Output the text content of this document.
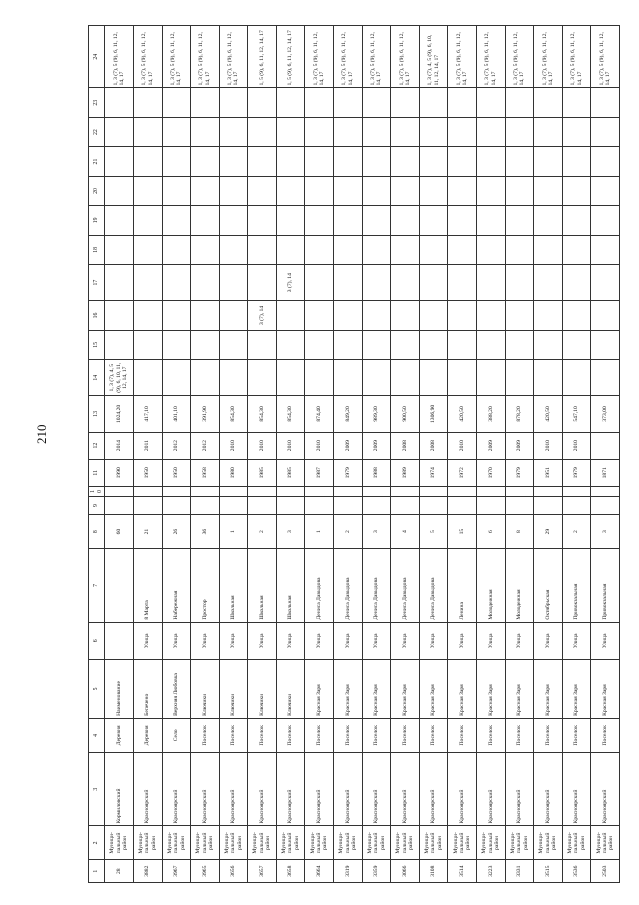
210
1	2	3	4	5	6	7	8	9	10	11	12	13	14	15	16	17	18	19	20	21	22	23	24
28	Муници-пальный район	Кормиловский	Деревня	Наименование			60			1990	2014	1024,20	1, 3 (7), 4, 5 (9), 6, 10, 11, 12, 14, 17										1, 3 (7), 5 (9), 6, 11, 12, 14, 17
3882	Муници-пальный район	Красноярский	Деревня	Бепечено	Улица	8 Марта	21			1950	2011	417,10											1, 3 (7), 5 (9), 6, 11, 12, 14, 17
3967	Муници-пальный район	Красноярский	Село	Верхняя Любовка	Улица	Набережная	26			1950	2012	401,10											1, 3 (7), 5 (9), 6, 11, 12, 14, 17
3965	Муници-пальный район	Красноярский	Поселок	Ключики	Улица	Простор	36			1958	2012	391,90											1, 3 (7), 5 (9), 6, 11, 12, 14, 17
3656	Муници-пальный район	Красноярский	Поселок	Ключики	Улица	Школьная	1			1980	2010	854,30											1, 3 (7), 5 (9), 6, 11, 12, 14, 17
3657	Муници-пальный район	Красноярский	Поселок	Ключики	Улица	Школьная	2			1985	2010	854,30			3 (7), 14								1, 5 (9), 6, 11, 12, 14, 17
3658	Муници-пальный район	Красноярский	Поселок	Ключики	Улица	Школьная	3			1985	2010	854,30				3 (7), 14							1, 5 (9), 6, 11, 12, 14, 17
3664	Муници-пальный район	Красноярский	Поселок	Красная Заря	Улица	Дениса Давыдова	1			1987	2010	874,40											1, 3 (7), 5 (9), 6, 11, 12, 14, 17
3319	Муници-пальный район	Красноярский	Поселок	Красная Заря	Улица	Дениса Давыдова	2			1979	2009	849,20											1, 3 (7), 5 (9), 6, 11, 12, 14, 17
3359	Муници-пальный район	Красноярский	Поселок	Красная Заря	Улица	Дениса Давыдова	3			1988	2009	989,30											1, 3 (7), 5 (9), 6, 11, 12, 14, 17
3066	Муници-пальный район	Красноярский	Поселок	Красная Заря	Улица	Дениса Давыдова	4			1989	2008	900,50											1, 3 (7), 5 (9), 6, 11, 12, 14, 17
3108	Муници-пальный район	Красноярский	Поселок	Красная Заря	Улица	Дениса Давыдова	5			1974	2008	1306,90											1, 3 (7), 4, 5 (9), 6, 10, 11, 12, 14, 17
3514	Муници-пальный район	Красноярский	Поселок	Красная Заря	Улица	Ленина	15			1972	2010	420,50											1, 3 (7), 5 (9), 6, 11, 12, 14, 17
3223	Муници-пальный район	Красноярский	Поселок	Красная Заря	Улица	Молодежная	6			1970	2009	388,20											1, 3 (7), 5 (9), 6, 11, 12, 14, 17
3331	Муници-пальный район	Красноярский	Поселок	Красная Заря	Улица	Молодежная	8			1979	2009	878,20											1, 3 (7), 5 (9), 6, 11, 12, 14, 17
3515	Муници-пальный район	Красноярский	Поселок	Красная Заря	Улица	Октябрьская	29			1951	2010	420,50											1, 3 (7), 5 (9), 6, 11, 12, 14, 17
3536	Муници-пальный район	Красноярский	Поселок	Красная Заря	Улица	Привокзальная	2			1979	2010	547,10											1, 3 (7), 5 (9), 6, 11, 12, 14, 17
2503	Муници-пальный район	Красноярский	Поселок	Красная Заря	Улица	Привокзальная	3			1871		373,00											1, 3 (7), 5 (9), 6, 11, 12, 14, 17
